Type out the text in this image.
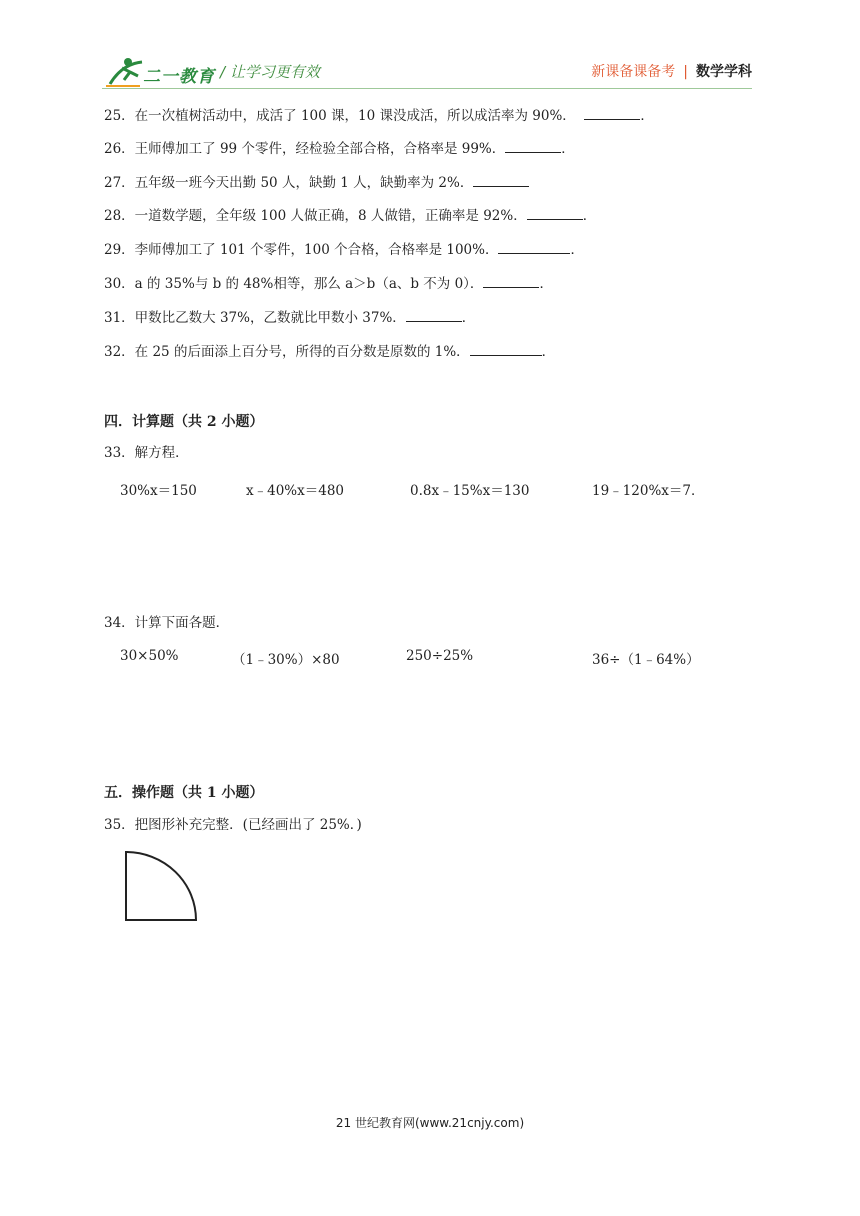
二一教育 / 让学习更有效	新课备课备考 | 数学学科
25．在一次植树活动中，成活了 100 课，10 课没成活，所以成活率为 90%．	．
26．王师傅加工了 99 个零件，经检验全部合格，合格率是 99%．	．
27．五年级一班今天出勤 50 人，缺勤 1 人，缺勤率为 2%．
28．一道数学题，全年级 100 人做正确，8 人做错，正确率是 92%．	．
29．李师傅加工了 101 个零件，100 个合格，合格率是 100%．	．
30．a 的 35%与 b 的 48%相等，那么 a＞b（a、b 不为 0）．	．
31．甲数比乙数大 37%，乙数就比甲数小 37%．	．
32．在 25 的后面添上百分号，所得的百分数是原数的 1%．	．
四．计算题（共 2 小题）
33．解方程．
30%x＝150	x﹣40%x＝480	0.8x﹣15%x＝130	19﹣120%x＝7．
34．计算下面各题．
30×50%	（1﹣30%）×80	250÷25%	36÷（1﹣64%）
五．操作题（共 1 小题）
35．把图形补充完整．(已经画出了 25%．)
21 世纪教育网(www.21cnjy.com)
